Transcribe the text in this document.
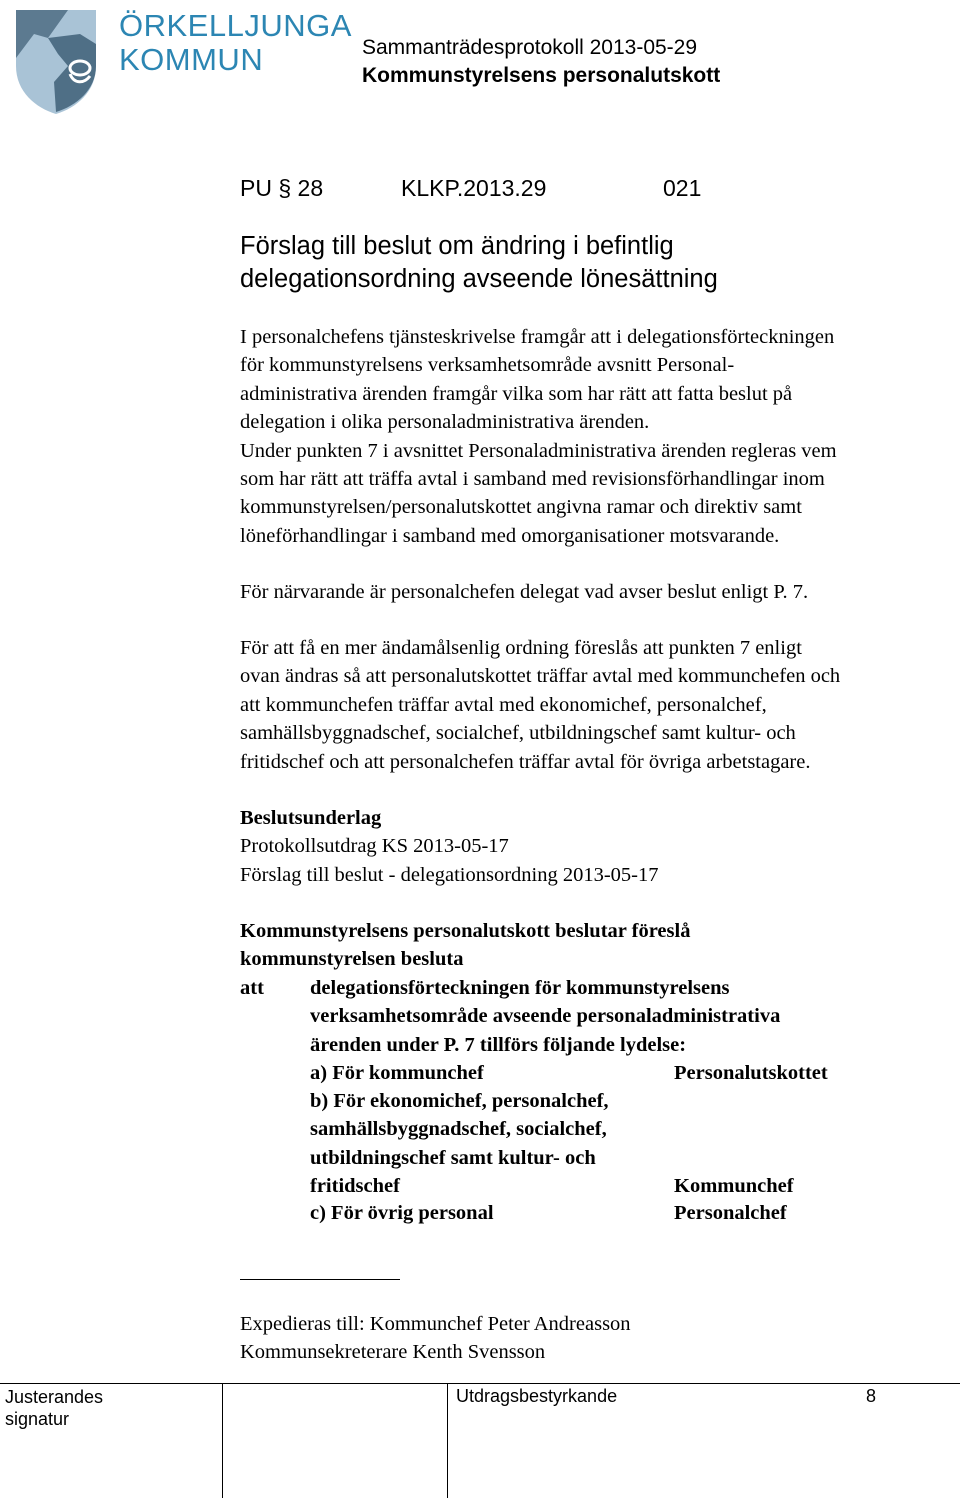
ÖRKELLJUNGA
KOMMUN	Sammanträdesprotokoll 2013-05-29
Kommunstyrelsens personalutskott
PU § 28	KLKP.2013.29	021
Förslag till beslut om ändring i befintlig
delegationsordning avseende lönesättning
I personalchefens tjänsteskrivelse framgår att i delegationsförteckningen
för kommunstyrelsens verksamhetsområde avsnitt Personal-
administrativa ärenden framgår vilka som har rätt att fatta beslut på
delegation i olika personaladministrativa ärenden.
Under punkten 7 i avsnittet Personaladministrativa ärenden regleras vem
som har rätt att träffa avtal i samband med revisionsförhandlingar inom
kommunstyrelsen/personalutskottet angivna ramar och direktiv samt
löneförhandlingar i samband med omorganisationer motsvarande.
För närvarande är personalchefen delegat vad avser beslut enligt P. 7.
För att få en mer ändamålsenlig ordning föreslås att punkten 7 enligt
ovan ändras så att personalutskottet träffar avtal med kommunchefen och
att kommunchefen träffar avtal med ekonomichef, personalchef,
samhällsbyggnadschef, socialchef, utbildningschef samt kultur- och
fritidschef och att personalchefen träffar avtal för övriga arbetstagare.
Beslutsunderlag
Protokollsutdrag KS 2013-05-17
Förslag till beslut - delegationsordning 2013-05-17
Kommunstyrelsens personalutskott beslutar föreslå
kommunstyrelsen besluta
att delegationsförteckningen för kommunstyrelsens
verksamhetsområde avseende personaladministrativa
ärenden under P. 7 tillförs följande lydelse:
a) För kommunchef	Personalutskottet
b) För ekonomichef, personalchef,
samhällsbyggnadschef, socialchef,
utbildningschef samt kultur- och
fritidschef	Kommunchef
c) För övrig personal	Personalchef
Expedieras till: Kommunchef Peter Andreasson
Kommunsekreterare Kenth Svensson
Justerandes
signatur
Utdragsbestyrkande	8
